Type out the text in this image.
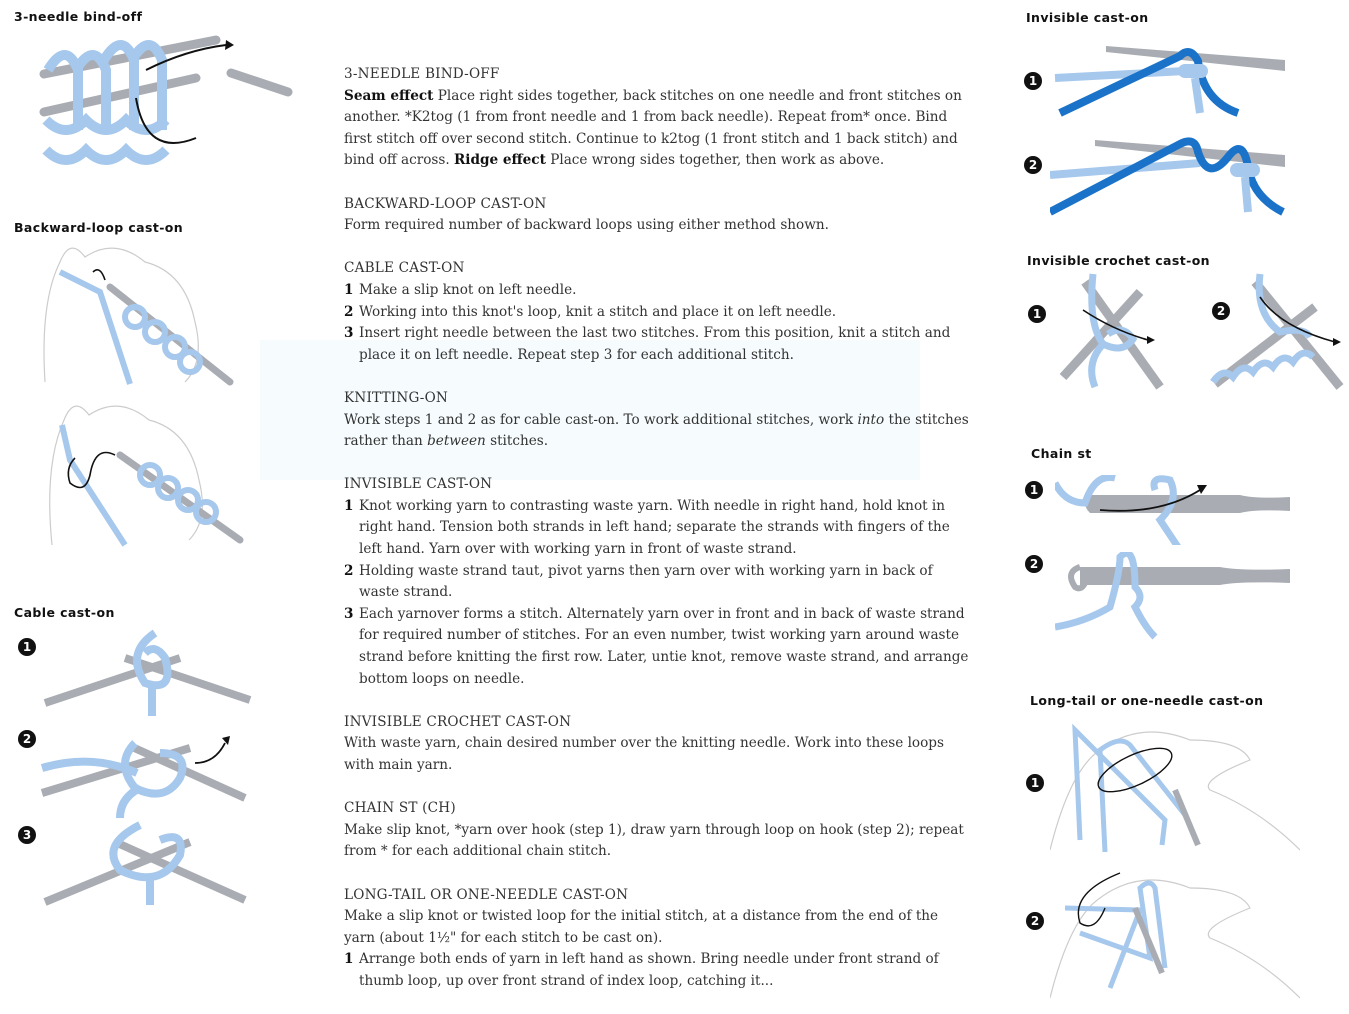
3-needle bind-off
Backward-loop cast-on
Cable cast-on
1
2
3
3-NEEDLE BIND-OFF

Seam effect Place right sides together, back stitches on one needle and front stitches on another. *K2tog (1 from front needle and 1 from back needle). Repeat from* once. Bind first stitch off over second stitch. Continue to k2tog (1 front stitch and 1 back stitch) and bind off across. Ridge effect Place wrong sides together, then work as above.

BACKWARD-LOOP CAST-ON

Form required number of backward loops using either method shown.

CABLE CAST-ON

1 Make a slip knot on left needle.

2 Working into this knot's loop, knit a stitch and place it on left needle.

3 Insert right needle between the last two stitches. From this position, knit a stitch and place it on left needle. Repeat step 3 for each additional stitch.

KNITTING-ON

Work steps 1 and 2 as for cable cast-on. To work additional stitches, work into the stitches rather than between stitches.

INVISIBLE CAST-ON

1 Knot working yarn to contrasting waste yarn. With needle in right hand, hold knot in right hand. Tension both strands in left hand; separate the strands with fingers of the left hand. Yarn over with working yarn in front of waste strand.

2 Holding waste strand taut, pivot yarns then yarn over with working yarn in back of waste strand.

3 Each yarnover forms a stitch. Alternately yarn over in front and in back of waste strand for required number of stitches. For an even number, twist working yarn around waste strand before knitting the first row. Later, untie knot, remove waste strand, and arrange bottom loops on needle.

INVISIBLE CROCHET CAST-ON

With waste yarn, chain desired number over the knitting needle. Work into these loops with main yarn.

CHAIN ST (CH)

Make slip knot, *yarn over hook (step 1), draw yarn through loop on hook (step 2); repeat from * for each additional chain stitch.

LONG-TAIL OR ONE-NEEDLE CAST-ON

Make a slip knot or twisted loop for the initial stitch, at a distance from the end of the yarn (about 1½" for each stitch to be cast on).

1 Arrange both ends of yarn in left hand as shown. Bring needle under front strand of thumb loop, up over front strand of index loop, catching it...

Invisible cast-on
1
2
Invisible crochet cast-on
1	2
Chain st
1
2
Long-tail or one-needle cast-on
1
2
